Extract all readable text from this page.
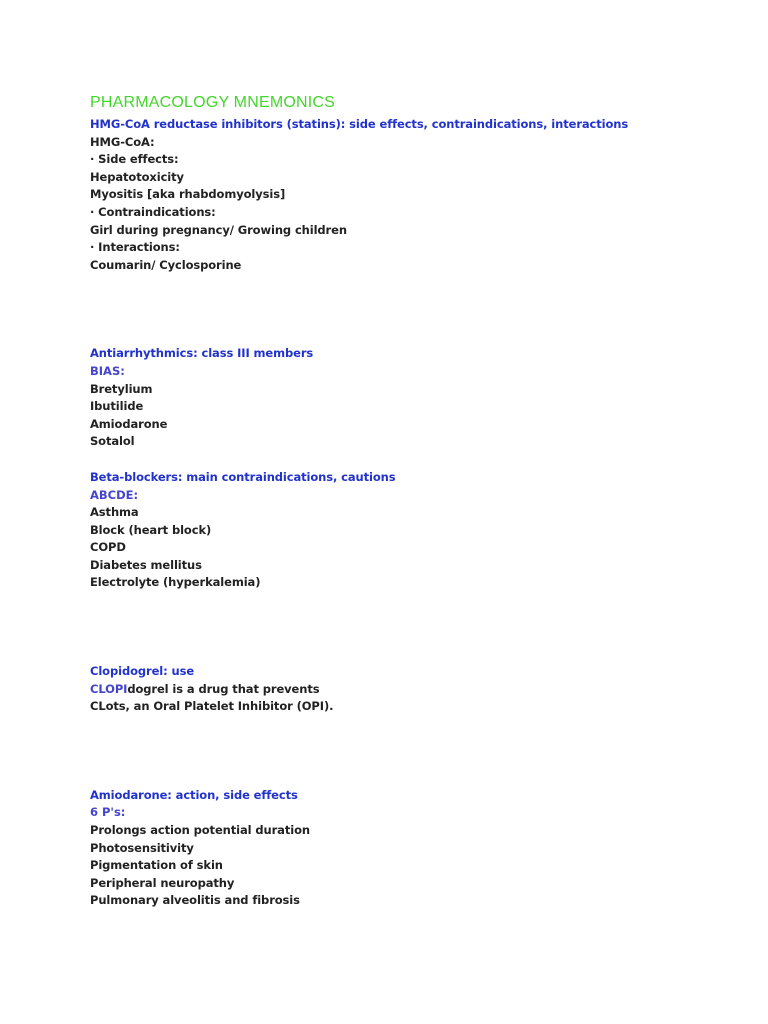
PHARMACOLOGY MNEMONICS
HMG-CoA reductase inhibitors (statins): side effects, contraindications, interactions
HMG-CoA:
· Side effects:
Hepatotoxicity
Myositis [aka rhabdomyolysis]
· Contraindications:
Girl during pregnancy/ Growing children
· Interactions:
Coumarin/ Cyclosporine
Antiarrhythmics: class III members
BIAS:
Bretylium
Ibutilide
Amiodarone
Sotalol
Beta-blockers: main contraindications, cautions
ABCDE:
Asthma
Block (heart block)
COPD
Diabetes mellitus
Electrolyte (hyperkalemia)
Clopidogrel: use
CLOPIdogrel is a drug that prevents
CLots, an Oral Platelet Inhibitor (OPI).
Amiodarone: action, side effects
6 P's:
Prolongs action potential duration
Photosensitivity
Pigmentation of skin
Peripheral neuropathy
Pulmonary alveolitis and fibrosis
